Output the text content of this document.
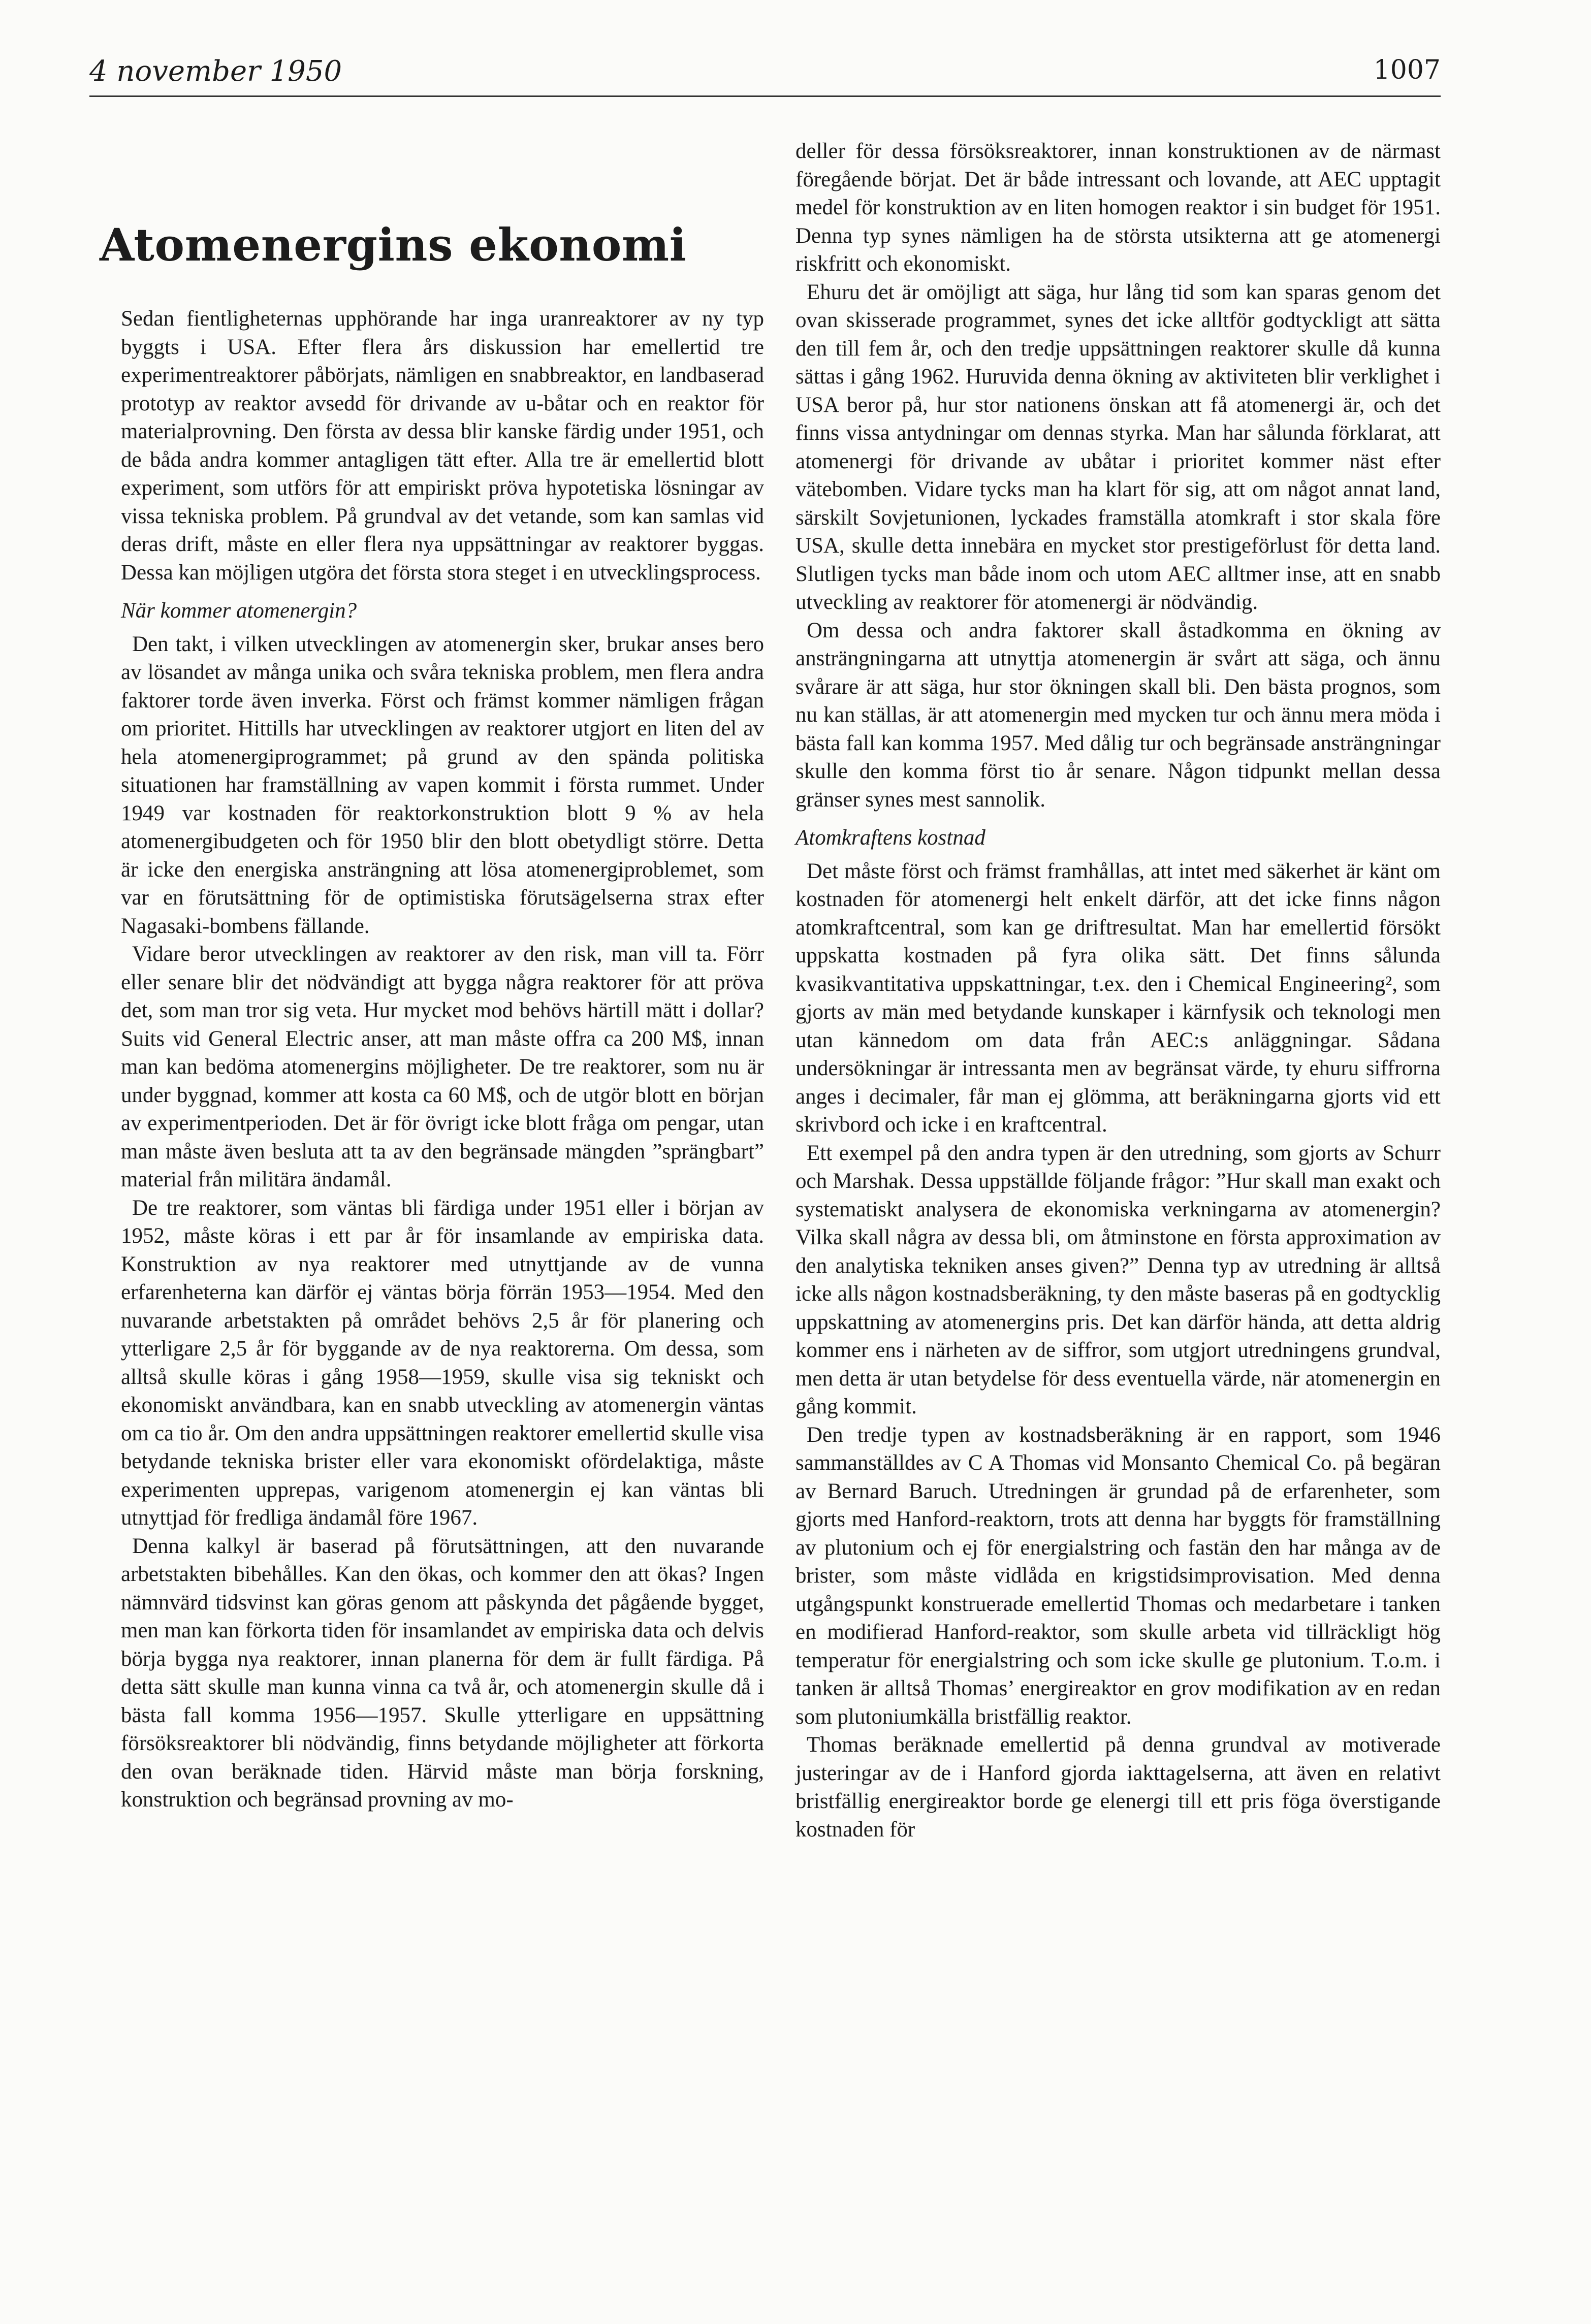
4 november 1950	1007
Atomenergins ekonomi

Sedan fientligheternas upphörande har inga uranreaktorer av ny typ byggts i USA. Efter flera års diskussion har emellertid tre experimentreaktorer påbörjats, nämligen en snabbreaktor, en landbaserad prototyp av reaktor avsedd för drivande av u-båtar och en reaktor för materialprovning. Den första av dessa blir kanske färdig under 1951, och de båda andra kommer antagligen tätt efter. Alla tre är emellertid blott experiment, som utförs för att empiriskt pröva hypotetiska lösningar av vissa tekniska problem. På grundval av det vetande, som kan samlas vid deras drift, måste en eller flera nya uppsättningar av reaktorer byggas. Dessa kan möjligen utgöra det första stora steget i en utvecklingsprocess.

När kommer atomenergin?

Den takt, i vilken utvecklingen av atomenergin sker, brukar anses bero av lösandet av många unika och svåra tekniska problem, men flera andra faktorer torde även inverka. Först och främst kommer nämligen frågan om prioritet. Hittills har utvecklingen av reaktorer utgjort en liten del av hela atomenergiprogrammet; på grund av den spända politiska situationen har framställning av vapen kommit i första rummet. Under 1949 var kostnaden för reaktorkonstruktion blott 9 % av hela atomenergibudgeten och för 1950 blir den blott obetydligt större. Detta är icke den energiska ansträngning att lösa atomenergiproblemet, som var en förutsättning för de optimistiska förutsägelserna strax efter Nagasaki-bombens fällande.

Vidare beror utvecklingen av reaktorer av den risk, man vill ta. Förr eller senare blir det nödvändigt att bygga några reaktorer för att pröva det, som man tror sig veta. Hur mycket mod behövs härtill mätt i dollar? Suits vid General Electric anser, att man måste offra ca 200 M$, innan man kan bedöma atomenergins möjligheter. De tre reaktorer, som nu är under byggnad, kommer att kosta ca 60 M$, och de utgör blott en början av experimentperioden. Det är för övrigt icke blott fråga om pengar, utan man måste även besluta att ta av den begränsade mängden ”sprängbart” material från militära ändamål.

De tre reaktorer, som väntas bli färdiga under 1951 eller i början av 1952, måste köras i ett par år för insamlande av empiriska data. Konstruktion av nya reaktorer med utnyttjande av de vunna erfarenheterna kan därför ej väntas börja förrän 1953—1954. Med den nuvarande arbetstakten på området behövs 2,5 år för planering och ytterligare 2,5 år för byggande av de nya reaktorerna. Om dessa, som alltså skulle köras i gång 1958—1959, skulle visa sig tekniskt och ekonomiskt användbara, kan en snabb utveckling av atomenergin väntas om ca tio år. Om den andra uppsättningen reaktorer emellertid skulle visa betydande tekniska brister eller vara ekonomiskt ofördelaktiga, måste experimenten upprepas, varigenom atomenergin ej kan väntas bli utnyttjad för fredliga ändamål före 1967.

Denna kalkyl är baserad på förutsättningen, att den nuvarande arbetstakten bibehålles. Kan den ökas, och kommer den att ökas? Ingen nämnvärd tidsvinst kan göras genom att påskynda det pågående bygget, men man kan förkorta tiden för insamlandet av empiriska data och delvis börja bygga nya reaktorer, innan planerna för dem är fullt färdiga. På detta sätt skulle man kunna vinna ca två år, och atomenergin skulle då i bästa fall komma 1956—1957. Skulle ytterligare en uppsättning försöksreaktorer bli nödvändig, finns betydande möjligheter att förkorta den ovan beräknade tiden. Härvid måste man börja forskning, konstruktion och begränsad provning av mo-

deller för dessa försöksreaktorer, innan konstruktionen av de närmast föregående börjat. Det är både intressant och lovande, att AEC upptagit medel för konstruktion av en liten homogen reaktor i sin budget för 1951. Denna typ synes nämligen ha de största utsikterna att ge atomenergi riskfritt och ekonomiskt.

Ehuru det är omöjligt att säga, hur lång tid som kan sparas genom det ovan skisserade programmet, synes det icke alltför godtyckligt att sätta den till fem år, och den tredje uppsättningen reaktorer skulle då kunna sättas i gång 1962. Huruvida denna ökning av aktiviteten blir verklighet i USA beror på, hur stor nationens önskan att få atomenergi är, och det finns vissa antydningar om dennas styrka. Man har sålunda förklarat, att atomenergi för drivande av ubåtar i prioritet kommer näst efter vätebomben. Vidare tycks man ha klart för sig, att om något annat land, särskilt Sovjetunionen, lyckades framställa atomkraft i stor skala före USA, skulle detta innebära en mycket stor prestigeförlust för detta land. Slutligen tycks man både inom och utom AEC alltmer inse, att en snabb utveckling av reaktorer för atomenergi är nödvändig.

Om dessa och andra faktorer skall åstadkomma en ökning av ansträngningarna att utnyttja atomenergin är svårt att säga, och ännu svårare är att säga, hur stor ökningen skall bli. Den bästa prognos, som nu kan ställas, är att atomenergin med mycken tur och ännu mera möda i bästa fall kan komma 1957. Med dålig tur och begränsade ansträngningar skulle den komma först tio år senare. Någon tidpunkt mellan dessa gränser synes mest sannolik.

Atomkraftens kostnad

Det måste först och främst framhållas, att intet med säkerhet är känt om kostnaden för atomenergi helt enkelt därför, att det icke finns någon atomkraftcentral, som kan ge driftresultat. Man har emellertid försökt uppskatta kostnaden på fyra olika sätt. Det finns sålunda kvasikvantitativa uppskattningar, t.ex. den i Chemical Engineering², som gjorts av män med betydande kunskaper i kärnfysik och teknologi men utan kännedom om data från AEC:s anläggningar. Sådana undersökningar är intressanta men av begränsat värde, ty ehuru siffrorna anges i decimaler, får man ej glömma, att beräkningarna gjorts vid ett skrivbord och icke i en kraftcentral.

Ett exempel på den andra typen är den utredning, som gjorts av Schurr och Marshak. Dessa uppställde följande frågor: ”Hur skall man exakt och systematiskt analysera de ekonomiska verkningarna av atomenergin? Vilka skall några av dessa bli, om åtminstone en första approximation av den analytiska tekniken anses given?” Denna typ av utredning är alltså icke alls någon kostnadsberäkning, ty den måste baseras på en godtycklig uppskattning av atomenergins pris. Det kan därför hända, att detta aldrig kommer ens i närheten av de siffror, som utgjort utredningens grundval, men detta är utan betydelse för dess eventuella värde, när atomenergin en gång kommit.

Den tredje typen av kostnadsberäkning är en rapport, som 1946 sammanställdes av C A Thomas vid Monsanto Chemical Co. på begäran av Bernard Baruch. Utredningen är grundad på de erfarenheter, som gjorts med Hanford-reaktorn, trots att denna har byggts för framställning av plutonium och ej för energialstring och fastän den har många av de brister, som måste vidlåda en krigstidsimprovisation. Med denna utgångspunkt konstruerade emellertid Thomas och medarbetare i tanken en modifierad Hanford-reaktor, som skulle arbeta vid tillräckligt hög temperatur för energialstring och som icke skulle ge plutonium. T.o.m. i tanken är alltså Thomas’ energireaktor en grov modifikation av en redan som plutoniumkälla bristfällig reaktor.

Thomas beräknade emellertid på denna grundval av motiverade justeringar av de i Hanford gjorda iakttagelserna, att även en relativt bristfällig energireaktor borde ge elenergi till ett pris föga överstigande kostnaden för
